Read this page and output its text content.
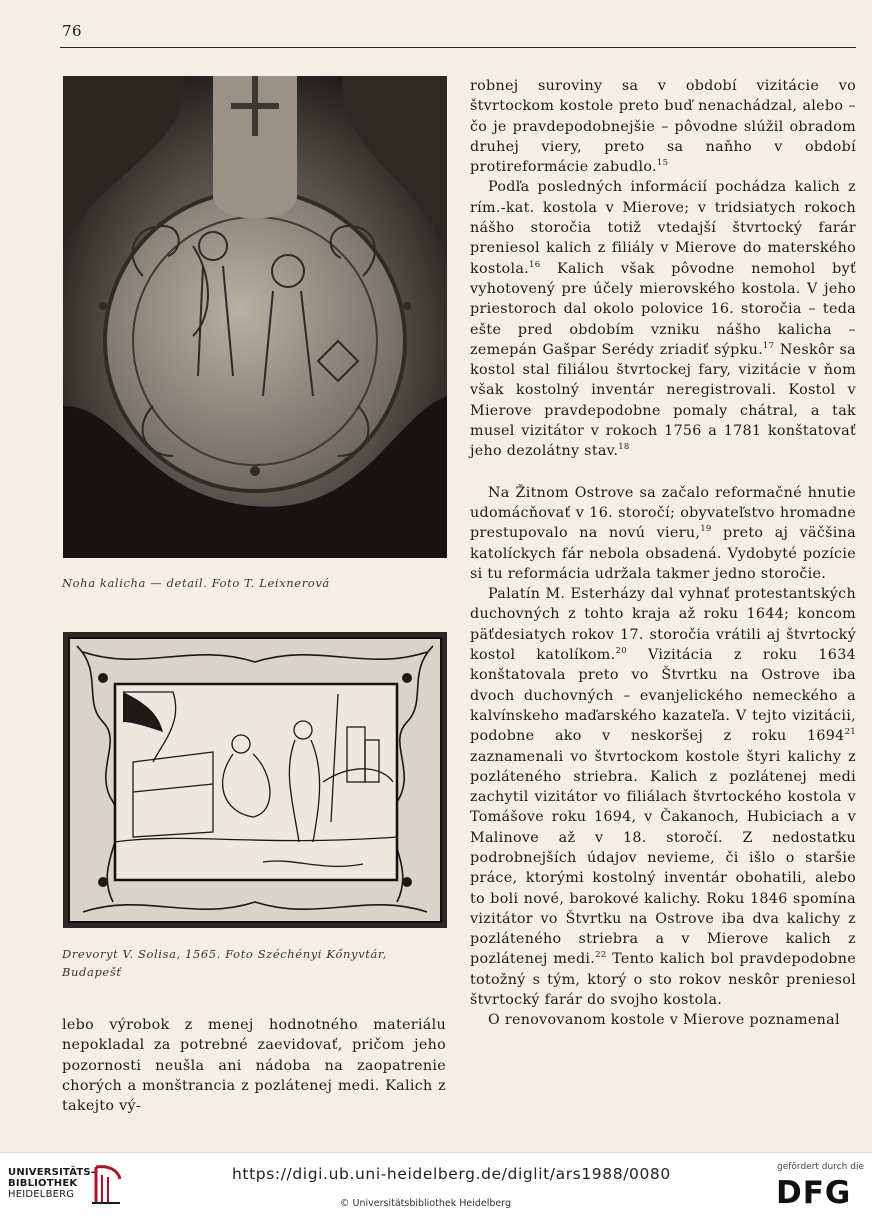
76
Noha kalicha — detail. Foto T. Leixnerová
Drevoryt V. Solisa, 1565. Foto Széchényi Kőnyvtár,
Budapešť

robnej suroviny sa v období vizitácie vo štvrtockom kostole preto buď nenachádzal, alebo – čo je pravdepodobnejšie – pôvodne slúžil obradom druhej viery, preto sa naňho v období protireformácie zabudlo.$^{15}$

Podľa posledných informácií pochádza kalich z rím.-kat. kostola v Mierove; v tridsiatych rokoch nášho storočia totiž vtedajší štvrtocký farár preniesol kalich z filiály v Mierove do materského kostola.$^{16}$ Kalich však pôvodne nemohol byť vyhotovený pre účely mierovského kostola. V jeho priestoroch dal okolo polovice 16. storočia – teda ešte pred obdobím vzniku nášho kalicha – zemepán Gašpar Serédy zriadiť sýpku.$^{17}$ Neskôr sa kostol stal filiálou štvrtockej fary, vizitácie v ňom však kostolný inventár neregistrovali. Kostol v Mierove pravdepodobne pomaly chátral, a tak musel vizitátor v rokoch 1756 a 1781 konštatovať jeho dezolátny stav.$^{18}$

Na Žitnom Ostrove sa začalo reformačné hnutie udomácňovať v 16. storočí; obyvateľstvo hromadne prestupovalo na novú vieru,$^{19}$ preto aj väčšina katolíckych fár nebola obsadená. Vydobyté pozície si tu reformácia udržala takmer jedno storočie.

Palatín M. Esterházy dal vyhnať protestantských duchovných z tohto kraja až roku 1644; koncom päťdesiatych rokov 17. storočia vrátili aj štvrtocký kostol katolíkom.$^{20}$ Vizitácia z roku 1634 konštatovala preto vo Štvrtku na Ostrove iba dvoch duchovných – evanjelického nemeckého a kalvínskeho maďarského kazateľa. V tejto vizitácii, podobne ako v neskoršej z roku 1694$^{21}$ zaznamenali vo štvrtockom kostole štyri kalichy z pozláteného striebra. Kalich z pozlátenej medi zachytil vizitátor vo filiálach štvrtockého kostola v Tomášove roku 1694, v Čakanoch, Hubiciach a v Malinove až v 18. storočí. Z nedostatku podrobnejších údajov nevieme, či išlo o staršie práce, ktorými kostolný inventár obohatili, alebo to boli nové, barokové kalichy. Roku 1846 spomína vizitátor vo Štvrtku na Ostrove iba dva kalichy z pozláteného striebra a v Mierove kalich z pozlátenej medi.$^{22}$ Tento kalich bol pravdepodobne totožný s tým, ktorý o sto rokov neskôr preniesol štvrtocký farár do svojho kostola.

O renovovanom kostole v Mierove poznamenal

lebo výrobok z menej hodnotného materiálu nepokladal za potrebné zaevidovať, pričom jeho pozornosti neušla ani nádoba na zaopatrenie chorých a monštrancia z pozlátenej medi. Kalich z takejto vý-

UNIVERSITÄTS-
BIBLIOTHEK
HEIDELBERG
https://digi.ub.uni-heidelberg.de/diglit/ars1988/0080
© Universitätsbibliothek Heidelberg
gefördert durch die
DFG
